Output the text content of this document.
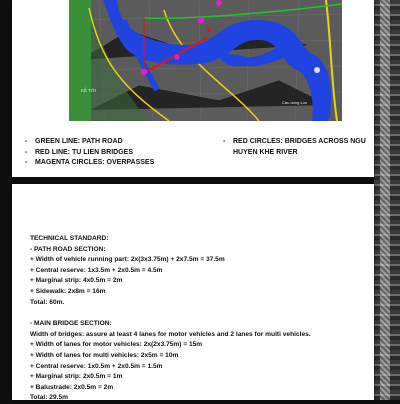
KẺ TỚI
Cau dong Luu
- GREEN LINE: PATH ROAD
- RED LINE: TU LIEN BRIDGES
- MAGENTA CIRCLES: OVERPASSES
- RED CIRCLES: BRIDGES ACROSS NGU HUYEN KHE RIVER
TECHNICAL STANDARD:
- PATH ROAD SECTION:
+ Width of vehicle running part: 2x(3x3.75m) + 2x7.5m = 37.5m
+ Central reserve: 1x3.5m + 2x0.5m = 4.5m
+ Marginal strip: 4x0.5m = 2m
+ Sidewalk: 2x8m = 16m
Total: 60m.
- MAIN BRIDGE SECTION:
Width of bridges: assure at least 4 lanes for motor vehicles and 2 lanes for multi vehicles.
+ Width of lanes for motor vehicles: 2x(2x3.75m) = 15m
+ Width of lanes for multi vehicles: 2x5m = 10m
+ Central reserve: 1x0.5m + 2x0.5m = 1.5m
+ Marginal strip: 2x0.5m = 1m
+ Balustrade: 2x0.5m = 2m
Total: 29.5m
